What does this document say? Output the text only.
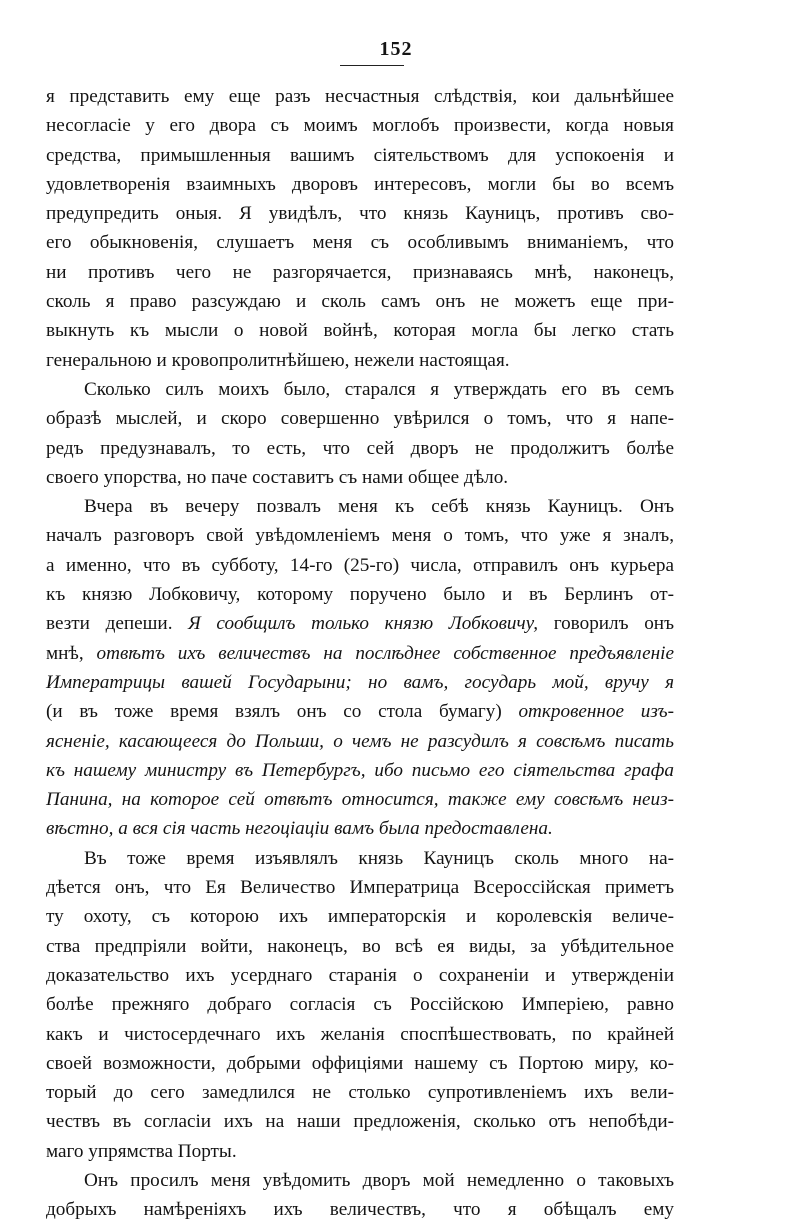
152
я представить ему еще разъ несчастныя слѣдствія, кои дальнѣйшее
несогласіе у его двора съ моимъ моглобъ произвести, когда новыя
средства, примышленныя вашимъ сіятельствомъ для успокоенія и
удовлетворенія взаимныхъ дворовъ интересовъ, могли бы во всемъ
предупредить оныя. Я увидѣлъ, что князь Кауницъ, противъ сво-
его обыкновенія, слушаетъ меня съ особливымъ вниманіемъ, что
ни противъ чего не разгорячается, признаваясь мнѣ, наконецъ,
сколь я право разсуждаю и сколь самъ онъ не можетъ еще при-
выкнуть къ мысли о новой войнѣ, которая могла бы легко стать
генеральною и кровопролитнѣйшею, нежели настоящая.
Сколько силъ моихъ было, старался я утверждать его въ семъ
образѣ мыслей, и скоро совершенно увѣрился о томъ, что я напе-
редъ предузнавалъ, то есть, что сей дворъ не продолжитъ болѣе
своего упорства, но паче составитъ съ нами общее дѣло.
Вчера въ вечеру позвалъ меня къ себѣ князь Кауницъ. Онъ
началъ разговоръ свой увѣдомленіемъ меня о томъ, что уже я зналъ,
а именно, что въ субботу, 14-го (25-го) числа, отправилъ онъ курьера
къ князю Лобковичу, которому поручено было и въ Берлинъ от-
везти депеши. Я сообщилъ только князю Лобковичу, говорилъ онъ
мнѣ, отвѣтъ ихъ величествъ на послѣднее собственное предъявленіе
Императрицы вашей Государыни; но вамъ, государь мой, вручу я
(и въ тоже время взялъ онъ со стола бумагу) откровенное изъ-
ясненіе, касающееся до Польши, о чемъ не разсудилъ я совсѣмъ писать
къ нашему министру въ Петербургъ, ибо письмо его сіятельства графа
Панина, на которое сей отвѣтъ относится, также ему совсѣмъ неиз-
вѣстно, а вся сія часть негоціаціи вамъ была предоставлена.
Въ тоже время изъявлялъ князь Кауницъ сколь много на-
дѣется онъ, что Ея Величество Императрица Всероссійская приметъ
ту охоту, съ которою ихъ императорскія и королевскія величе-
ства предпріяли войти, наконецъ, во всѣ ея виды, за убѣдительное
доказательство ихъ усерднаго старанія о сохраненіи и утвержденіи
болѣе прежняго добраго согласія съ Россійскою Имперіею, равно
какъ и чистосердечнаго ихъ желанія споспѣшествовать, по крайней
своей возможности, добрыми оффиціями нашему съ Портою миру, ко-
торый до сего замедлился не столько супротивленіемъ ихъ вели-
чествъ въ согласіи ихъ на наши предложенія, сколько отъ непобѣди-
маго упрямства Порты.
Онъ просилъ меня увѣдомить дворъ мой немедленно о таковыхъ
добрыхъ намѣреніяхъ ихъ величествъ, что я обѣщалъ ему
